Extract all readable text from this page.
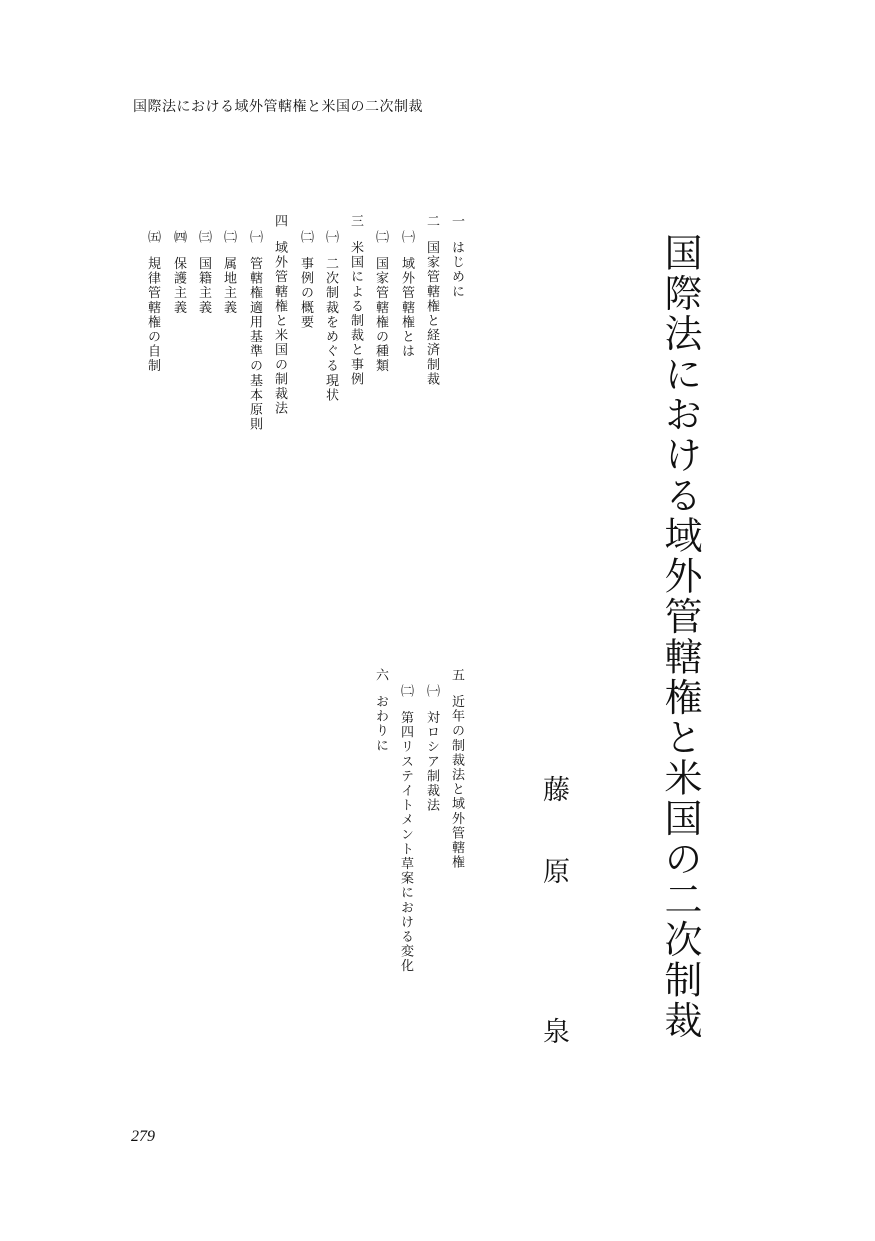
国際法における域外管轄権と米国の二次制裁
国際法における域外管轄権と米国の二次制裁
藤
原
泉
一はじめに
二国家管轄権と経済制裁
㈠域外管轄権とは
㈡国家管轄権の種類
三米国による制裁と事例
㈠二次制裁をめぐる現状
㈡事例の概要
四域外管轄権と米国の制裁法
㈠管轄権適用基準の基本原則
㈡属地主義
㈢国籍主義
㈣保護主義
㈤規律管轄権の自制
五近年の制裁法と域外管轄権
㈠対ロシア制裁法
㈡第四リステイトメント草案における変化
六おわりに
279
